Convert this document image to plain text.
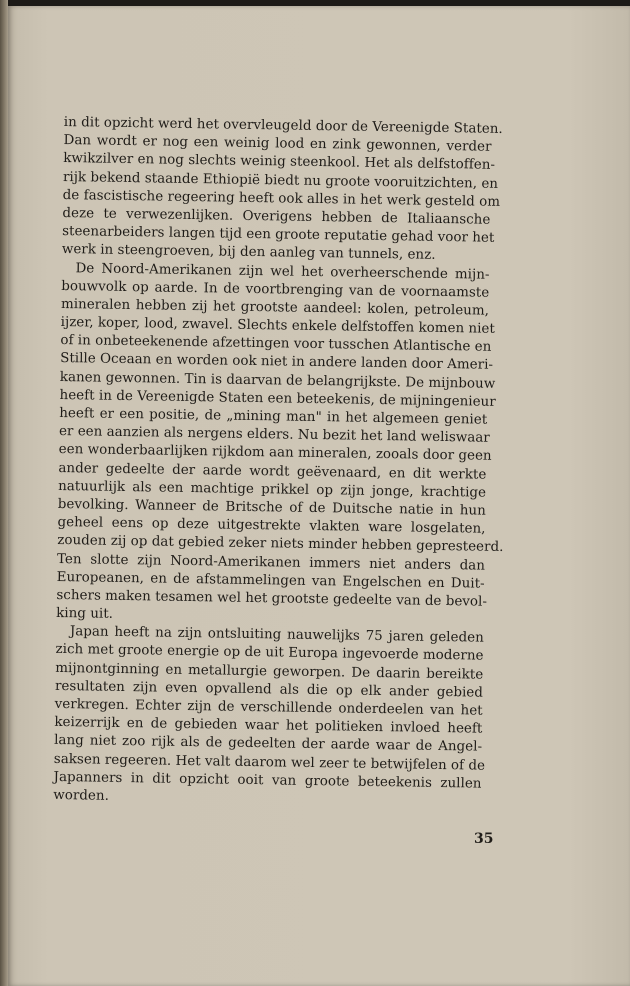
in dit opzicht werd het overvleugeld door de Vereenigde Staten.
Dan wordt er nog een weinig lood en zink gewonnen, verder
kwikzilver en nog slechts weinig steenkool. Het als delfstoffen-
rijk bekend staande Ethiopië biedt nu groote vooruitzichten, en
de fascistische regeering heeft ook alles in het werk gesteld om
deze te verwezenlijken. Overigens hebben de Italiaansche
steenarbeiders langen tijd een groote reputatie gehad voor het
werk in steengroeven, bij den aanleg van tunnels, enz.
De Noord-Amerikanen zijn wel het overheerschende mijn-
bouwvolk op aarde. In de voortbrenging van de voornaamste
mineralen hebben zij het grootste aandeel: kolen, petroleum,
ijzer, koper, lood, zwavel. Slechts enkele delfstoffen komen niet
of in onbeteekenende afzettingen voor tusschen Atlantische en
Stille Oceaan en worden ook niet in andere landen door Ameri-
kanen gewonnen. Tin is daarvan de belangrijkste. De mijnbouw
heeft in de Vereenigde Staten een beteekenis, de mijningenieur
heeft er een positie, de „mining man" in het algemeen geniet
er een aanzien als nergens elders. Nu bezit het land weliswaar
een wonderbaarlijken rijkdom aan mineralen, zooals door geen
ander gedeelte der aarde wordt geëvenaard, en dit werkte
natuurlijk als een machtige prikkel op zijn jonge, krachtige
bevolking. Wanneer de Britsche of de Duitsche natie in hun
geheel eens op deze uitgestrekte vlakten ware losgelaten,
zouden zij op dat gebied zeker niets minder hebben gepresteerd.
Ten slotte zijn Noord-Amerikanen immers niet anders dan
Europeanen, en de afstammelingen van Engelschen en Duit-
schers maken tesamen wel het grootste gedeelte van de bevol-
king uit.
Japan heeft na zijn ontsluiting nauwelijks 75 jaren geleden
zich met groote energie op de uit Europa ingevoerde moderne
mijnontginning en metallurgie geworpen. De daarin bereikte
resultaten zijn even opvallend als die op elk ander gebied
verkregen. Echter zijn de verschillende onderdeelen van het
keizerrijk en de gebieden waar het politieken invloed heeft
lang niet zoo rijk als de gedeelten der aarde waar de Angel-
saksen regeeren. Het valt daarom wel zeer te betwijfelen of de
Japanners in dit opzicht ooit van groote beteekenis zullen
worden.
35
